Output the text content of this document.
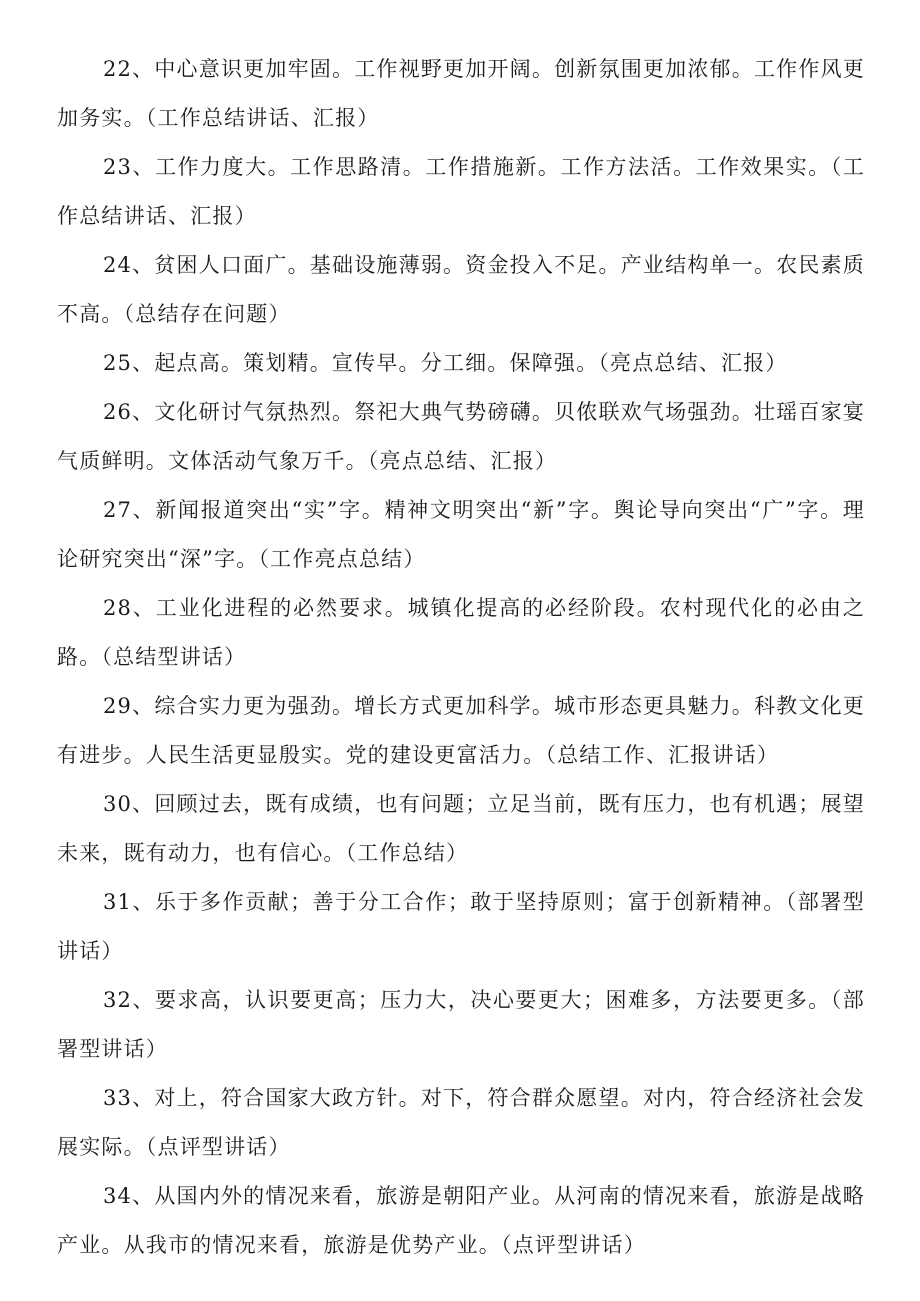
22、中心意识更加牢固。工作视野更加开阔。创新氛围更加浓郁。工作作风更加务实。（工作总结讲话、汇报）

23、工作力度大。工作思路清。工作措施新。工作方法活。工作效果实。（工作总结讲话、汇报）

24、贫困人口面广。基础设施薄弱。资金投入不足。产业结构单一。农民素质不高。（总结存在问题）

25、起点高。策划精。宣传早。分工细。保障强。（亮点总结、汇报）

26、文化研讨气氛热烈。祭祀大典气势磅礴。贝侬联欢气场强劲。壮瑶百家宴气质鲜明。文体活动气象万千。（亮点总结、汇报）

27、新闻报道突出“实”字。精神文明突出“新”字。舆论导向突出“广”字。理论研究突出“深”字。（工作亮点总结）

28、工业化进程的必然要求。城镇化提高的必经阶段。农村现代化的必由之路。（总结型讲话）

29、综合实力更为强劲。增长方式更加科学。城市形态更具魅力。科教文化更有进步。人民生活更显殷实。党的建设更富活力。（总结工作、汇报讲话）

30、回顾过去，既有成绩，也有问题；立足当前，既有压力，也有机遇；展望未来，既有动力，也有信心。（工作总结）

31、乐于多作贡献；善于分工合作；敢于坚持原则；富于创新精神。（部署型讲话）

32、要求高，认识要更高；压力大，决心要更大；困难多，方法要更多。（部署型讲话）

33、对上，符合国家大政方针。对下，符合群众愿望。对内，符合经济社会发展实际。（点评型讲话）

34、从国内外的情况来看，旅游是朝阳产业。从河南的情况来看，旅游是战略产业。从我市的情况来看，旅游是优势产业。（点评型讲话）
